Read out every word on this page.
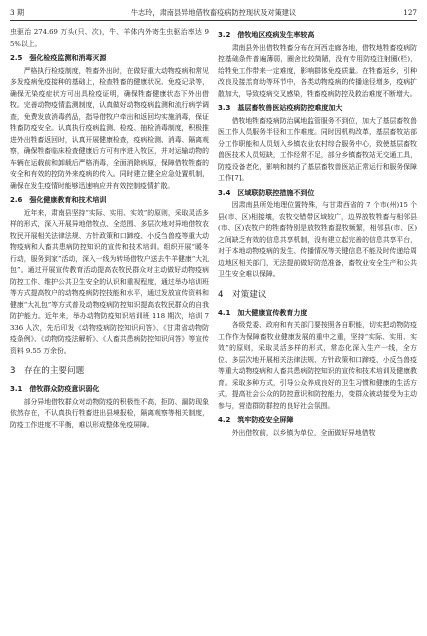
3 期	牛志玲，肃南县异地借牧畜疫病防控现状及对策建议	127

虫驱治 274.69 万头(只、次)，牛、羊体内外寄生虫驱治率达 95%以上。

2.5　强化检疫监测和消毒灭源

严格执行检疫制度，牲畜外出时，在做好重大动物疫病和常见多发疫病免疫接种的基础上，检查牲畜的健康状况、免疫记录等，确保无染疫症状方可出具检疫证明，确保牲畜健康状态下外出借牧。完善动物疫情监测制度，认真做好动物疫病监测和流行病学调查，免费发放消毒药品，指导借牧户牵出和返回均实施消毒，保证牲畜防疫安全。认真执行疫病监测、检疫、抽检消毒制度，积极推进外出牲畜返回时，认真开展健康检查，疫病检测、消毒、隔离观察，确保牲畜临床检查健康后方可有序进入牧区，并对运输动物的车辆在运载前和卸载后严格消毒，全面消除病原，保障借牧牲畜的安全和有效的控防外来疫病的传入。同时建立健全应急处置机制，确保在发生疫情时能够迅速响应并有效控制疫情扩散。

2.6　强化健康教育和技术培训

近年来，肃南县坚持“实际、实用、实效”的原则，采取灵活多样的形式，深入开展异地借牧点、全范围、多层次地对异地借牧农牧民开展相关法律法规、方针政策和口蹄疫、小反刍兽疫等重大动物疫病和人畜共患病防控知识的宣传和技术培训。组织开展“暖冬行动，服务到家”活动，深入一线为转场借牧户送去牛羊健康“大礼包”。通过开展宣传教育活动提高农牧民群众对主动做好动物疫病防控工作、维护公共卫生安全的认识和重视程度，通过举办培训班等方式提高牧户的动物疫病防控技能和水平，通过发放宣传资料和健康“大礼包”等方式普及动物疫病防控知识提高农牧民群众的自我防护能力。近年来，举办动物防疫知识培训班 118 期次，培训 7 336 人次，先后印发《动物疫病防控知识问答》、《甘肃省动物防疫条例》、《动物防疫法解析》、《人畜共患病防控知识问答》等宣传资料 9.55 万余份。

3　存在的主要问题
3.1　借牧群众防疫意识弱化

部分异地借牧群众对动物防疫的积极性不高，拒防、漏防现象依然存在，不认真执行牲畜进出县境报检，隔离观察等相关制度，防疫工作进度不平衡，难以形成整体免疫屏障。

3.2　借牧地区疫病发生率较高

肃南县外出借牧牲畜分布在河西走廊各地，借牧地牲畜疫病防控基础条件普遍薄弱，圈舍比较简陋，没有专用防疫注射圈(栏)，给牲免工作带来一定难度，影响群体免疫质量。在牲畜返乡，引种改良及接羔育幼等环节中，各类动物疫病的传播途径增多，疫病扩散加大，导致疫病交叉感染，牲畜疫病防控及救治难度不断增大。

3.3　基层畜牧兽医站疫病防控难度加大

借牧地牲畜疫病防治属地监管服务不到位，加大了基层畜牧兽医工作人员服务半径和工作难度。同时因机构改革，基层畜牧站部分工作职能和人员划入乡镇农业农村综合服务中心，致使基层畜牧兽医技术人员短缺，工作经常不足，部分乡镇畜牧站无交通工具，防疫设备老化，影响和制约了基层畜牧兽医站正常运行和服务保障工作[7]。

3.4　区域联防联控措施不到位

因肃南县所处地理位置特殊，与甘肃西省的 7 个市(州)15 个县(市、区)相接壤，农牧交错带区域较广，边界放牧牲畜与相邻县(市、区)农牧户的牲畜特别是放牧牲畜混牧频繁，相邻县(市、区)之间缺乏有效的信息共享机制，没有建立起完善的信息共享平台，对于本地动物疫病的发生、传播情况等关键信息不能及时传递给周边地区相关部门，无法提前做好防范准备，畜牧业安全生产和公共卫生安全难以保障。

4　对策建议
4.1　加大健康宣传教育力度

各级党委、政府和有关部门要按照各自职能，切实把动物防疫工作作为保障畜牧业健康发展的重中之重，坚持“实际、实用、实效”的原则，采取灵活多样的形式，常态化深入生产一线，全方位、多层次地开展相关法律法规、方针政策和口蹄疫、小反刍兽疫等重大动物疫病和人畜共患病防控知识的宣传和技术培训及健康教育。采取多种方式，引导公众养成良好的卫生习惯和健康的生活方式，提高社会公众的防控意识和防控能力，变群众被动接受为主动参与，营造群防群控的良好社会氛围。

4.2　筑牢防疫安全屏障

外出借牧前，以乡镇为单位，全面做好异地借牧
